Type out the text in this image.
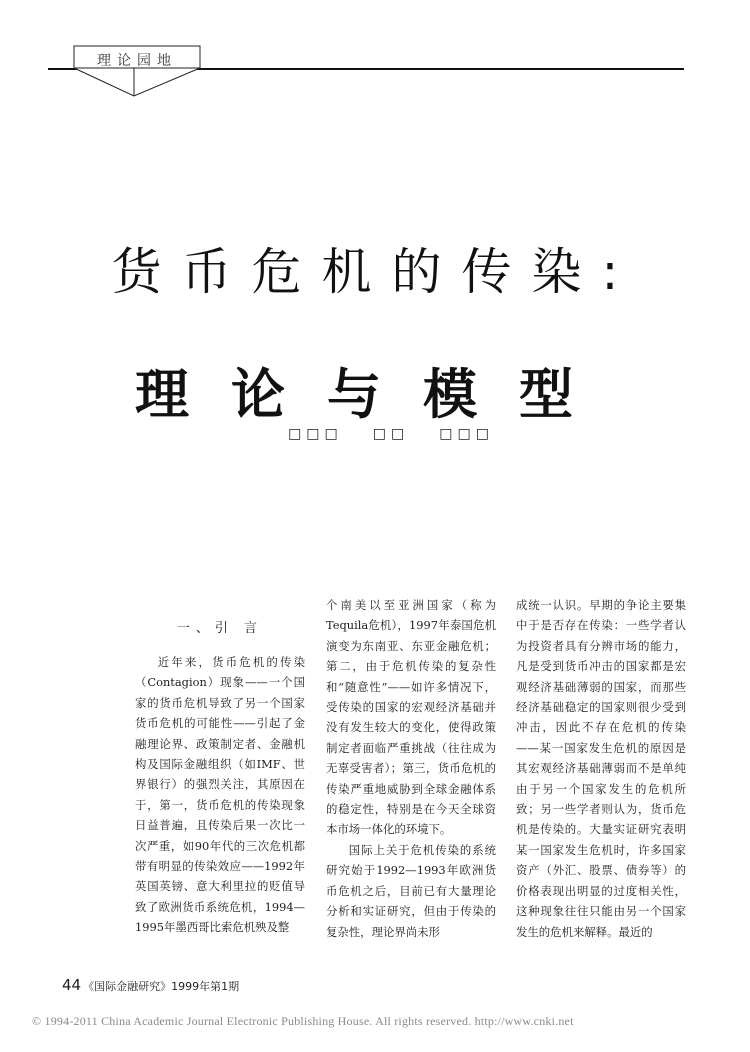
理论园地
货币危机的传染:
理论与模型
□□□ □□ □□□
一、引 言

近年来，货币危机的传染（Contagion）现象——一个国家的货币危机导致了另一个国家货币危机的可能性——引起了金融理论界、政策制定者、金融机构及国际金融组织（如IMF、世界银行）的强烈关注，其原因在于，第一，货币危机的传染现象日益普遍，且传染后果一次比一次严重，如90年代的三次危机都带有明显的传染效应——1992年英国英镑、意大利里拉的贬值导致了欧洲货币系统危机，1994—1995年墨西哥比索危机殃及整

个南美以至亚洲国家（称为Tequila危机），1997年泰国危机演变为东南亚、东亚金融危机；第二，由于危机传染的复杂性和“随意性”——如许多情况下，受传染的国家的宏观经济基础并没有发生较大的变化，使得政策制定者面临严重挑战（往往成为无辜受害者）；第三，货币危机的传染严重地威胁到全球金融体系的稳定性，特别是在今天全球资本市场一体化的环境下。

国际上关于危机传染的系统研究始于1992—1993年欧洲货币危机之后，目前已有大量理论分析和实证研究，但由于传染的复杂性，理论界尚未形

成统一认识。早期的争论主要集中于是否存在传染：一些学者认为投资者具有分辨市场的能力，凡是受到货币冲击的国家都是宏观经济基础薄弱的国家，而那些经济基础稳定的国家则很少受到冲击，因此不存在危机的传染——某一国家发生危机的原因是其宏观经济基础薄弱而不是单纯由于另一个国家发生的危机所致；另一些学者则认为，货币危机是传染的。大量实证研究表明某一国家发生危机时，许多国家资产（外汇、股票、债券等）的价格表现出明显的过度相关性，这种现象往往只能由另一个国家发生的危机来解释。最近的

44 《国际金融研究》1999年第1期
© 1994-2011 China Academic Journal Electronic Publishing House. All rights reserved. http://www.cnki.net
